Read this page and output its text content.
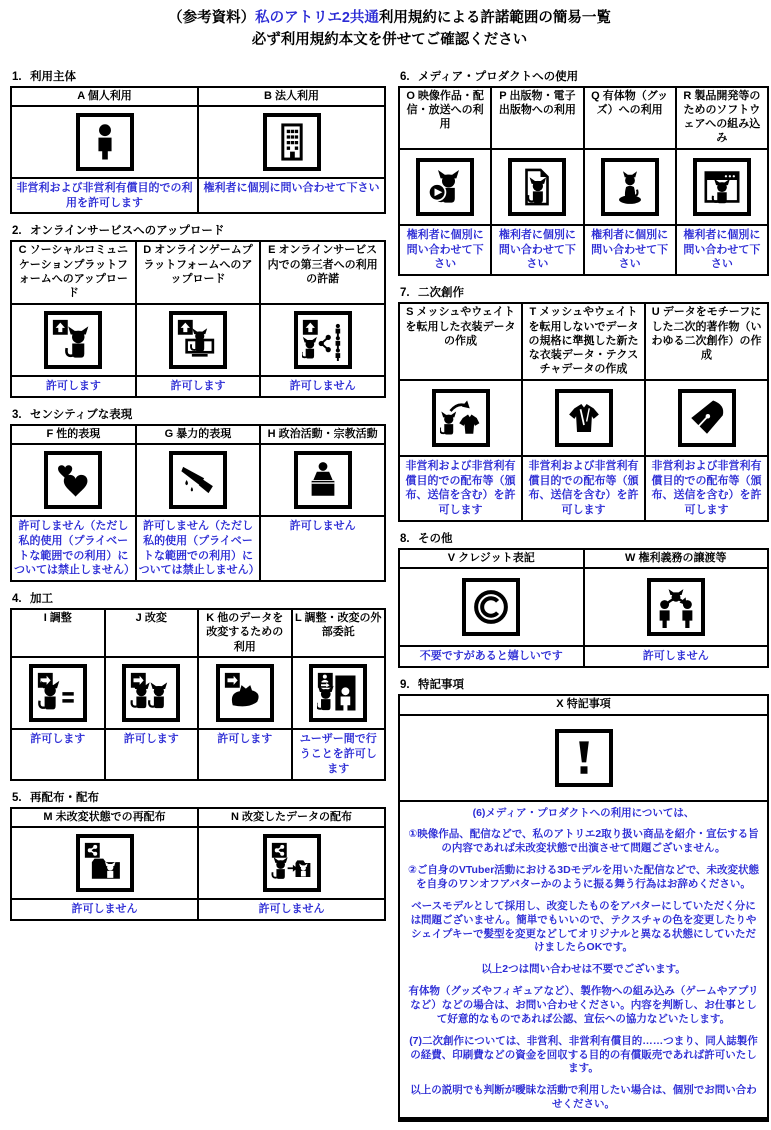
（参考資料）私のアトリエ2共通利用規約による許諾範囲の簡易一覧
必ず利用規約本文を併せてご確認ください
1. 利用主体
A 個人利用	B 法人利用

非営利および非営利有償目的での利用を許可します	権利者に個別に問い合わせて下さい
2. オンラインサービスへのアップロード
C ソーシャルコミュニケーションプラットフォームへのアップロード	D オンラインゲームプラットフォームへのアップロード	E オンラインサービス内での第三者への利用の許諾

許可します	許可します	許可しません
3. センシティブな表現
F 性的表現	G 暴力的表現	H 政治活動・宗教活動

許可しません（ただし私的使用（プライベートな範囲での利用）については禁止しません）	許可しません（ただし私的使用（プライベートな範囲での利用）については禁止しません）	許可しません
4. 加工
I 調整	J 改変	K 他のデータを改変するための利用	L 調整・改変の外部委託

許可します	許可します	許可します	ユーザー間で行うことを許可します
5. 再配布・配布
M 未改変状態での再配布	N 改変したデータの配布

許可しません	許可しません
6. メディア・プロダクトへの使用
O 映像作品・配信・放送への利用	P 出版物・電子出版物への利用	Q 有体物（グッズ）への利用	R 製品開発等のためのソフトウェアへの組み込み

権利者に個別に問い合わせて下さい	権利者に個別に問い合わせて下さい	権利者に個別に問い合わせて下さい	権利者に個別に問い合わせて下さい
7. 二次創作
S メッシュやウェイトを転用した衣装データの作成	T メッシュやウェイトを転用しないでデータの規格に準拠した新たな衣装データ・テクスチャデータの作成	U データをモチーフにした二次的著作物（いわゆる二次創作）の作成

非営利および非営利有償目的での配布等（頒布、送信を含む）を許可します	非営利および非営利有償目的での配布等（頒布、送信を含む）を許可します	非営利および非営利有償目的での配布等（頒布、送信を含む）を許可します
8. その他
V クレジット表記	W 権利義務の譲渡等

不要ですがあると嬉しいです	許可しません
9. 特記事項
X 特記事項

(6)メディア・プロダクトへの利用については、

①映像作品、配信などで、私のアトリエ2取り扱い商品を紹介・宣伝する旨の内容であれば未改変状態で出演させて問題ございません。

②ご自身のVTuber活動における3Dモデルを用いた配信などで、未改変状態を自身のワンオフアバターかのように振る舞う行為はお辞めください。

ベースモデルとして採用し、改変したものをアバターにしていただく分には問題ございません。簡単でもいいので、テクスチャの色を変更したりやシェイプキーで髪型を変更などしてオリジナルと異なる状態にしていただけましたらOKです。

以上2つは問い合わせは不要でございます。

有体物（グッズやフィギュアなど）、製作物への組み込み（ゲームやアプリなど）などの場合は、お問い合わせください。内容を判断し、お仕事として好意的なものであれば公認、宣伝への協力などいたします。

(7)二次創作については、非営利、非営利有償目的……つまり、同人誌製作の経費、印刷費などの資金を回収する目的の有償販売であれば許可いたします。

以上の説明でも判断が曖昧な活動で利用したい場合は、個別でお問い合わせください。
